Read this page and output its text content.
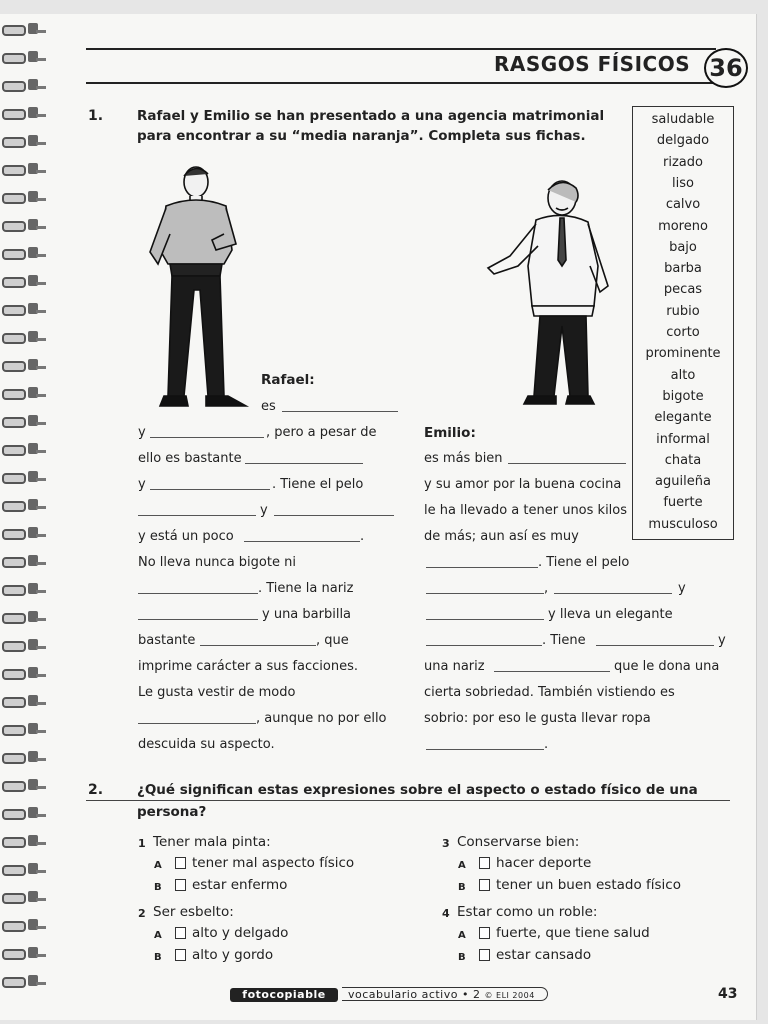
RASGOS FÍSICOS 36
1.	Rafael y Emilio se han presentado a una agencia matrimonial
para encontrar a su “media naranja”. Completa sus fichas.
saludable
delgado
rizado
liso
calvo
moreno
bajo
barba
pecas
rubio
corto
prominente
alto
bigote
elegante
informal
chata
aguileña
fuerte
musculoso
Rafael:
es
y	, pero a pesar de
ello es bastante
y	. Tiene el pelo
y
y está un poco	.
No lleva nunca bigote ni
. Tiene la nariz
y una barbilla
bastante	, que
imprime carácter a sus facciones.
Le gusta vestir de modo
, aunque no por ello
descuida su aspecto.
Emilio:
es más bien
y su amor por la buena cocina
le ha llevado a tener unos kilos
de más; aun así es muy
. Tiene el pelo
,	y
y lleva un elegante
. Tiene	y
una nariz	que le dona una
cierta sobriedad. También vistiendo es
sobrio: por eso le gusta llevar ropa
.
2.	¿Qué significan estas expresiones sobre el aspecto o estado físico de una
persona?
1 Tener mala pinta:
A tener mal aspecto físico
B estar enfermo
2 Ser esbelto:
A alto y delgado
B alto y gordo
3 Conservarse bien:
A hacer deporte
B tener un buen estado físico
4 Estar como un roble:
A fuerte, que tiene salud
B estar cansado
fotocopiable	vocabulario activo • 2 © ELI 2004	43
